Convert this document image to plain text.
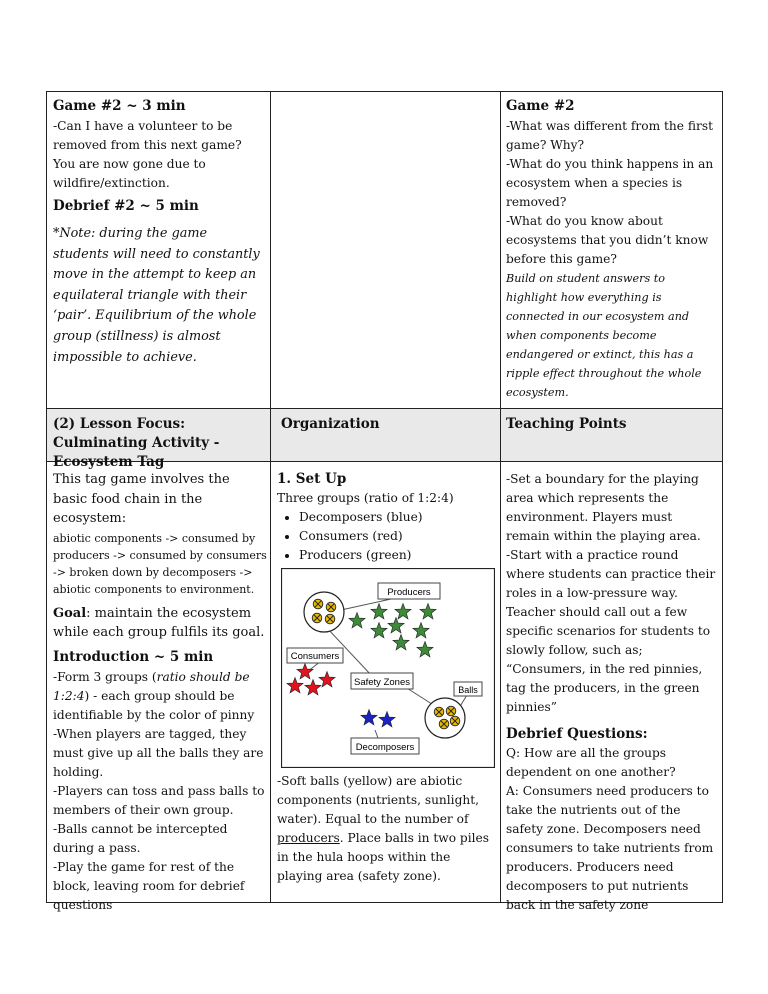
Game #2 ~ 3 min

-Can I have a volunteer to be removed from this next game? You are now gone due to wildfire/extinction.

Debrief #2 ~ 5 min

*Note: during the game students will need to constantly move in the attempt to keep an equilateral triangle with their ‘pair’. Equilibrium of the whole group (stillness) is almost impossible to achieve.

Game #2

-What was different from the first game? Why?

-What do you think happens in an ecosystem when a species is removed?

-What do you know about ecosystems that you didn’t know before this game?

Build on student answers to highlight how everything is connected in our ecosystem and when components become endangered or extinct, this has a ripple effect throughout the whole ecosystem.

(2) Lesson Focus: Culminating Activity - Ecosystem Tag
Organization	Teaching Points

This tag game involves the basic food chain in the ecosystem:

abiotic components -> consumed by producers -> consumed by consumers -> broken down by decomposers -> abiotic components to environment.

Goal: maintain the ecosystem while each group fulfils its goal.

Introduction ~ 5 min

-Form 3 groups (ratio should be 1:2:4) - each group should be identifiable by the color of pinny

-When players are tagged, they must give up all the balls they are holding.

-Players can toss and pass balls to members of their own group.

-Balls cannot be intercepted during a pass.

-Play the game for rest of the block, leaving room for debrief questions

1. Set Up

Three groups (ratio of 1:2:4)

• Decomposers (blue)
• Consumers (red)
• Producers (green)
Producers
Consumers
Safety Zones
Balls
Decomposers

-Soft balls (yellow) are abiotic components (nutrients, sunlight, water). Equal to the number of producers. Place balls in two piles in the hula hoops within the playing area (safety zone).

-Set a boundary for the playing area which represents the environment. Players must remain within the playing area.

-Start with a practice round where students can practice their roles in a low-pressure way. Teacher should call out a few specific scenarios for students to slowly follow, such as; “Consumers, in the red pinnies, tag the producers, in the green pinnies”

Debrief Questions:

Q: How are all the groups dependent on one another?

A: Consumers need producers to take the nutrients out of the safety zone. Decomposers need consumers to take nutrients from producers. Producers need decomposers to put nutrients back in the safety zone
